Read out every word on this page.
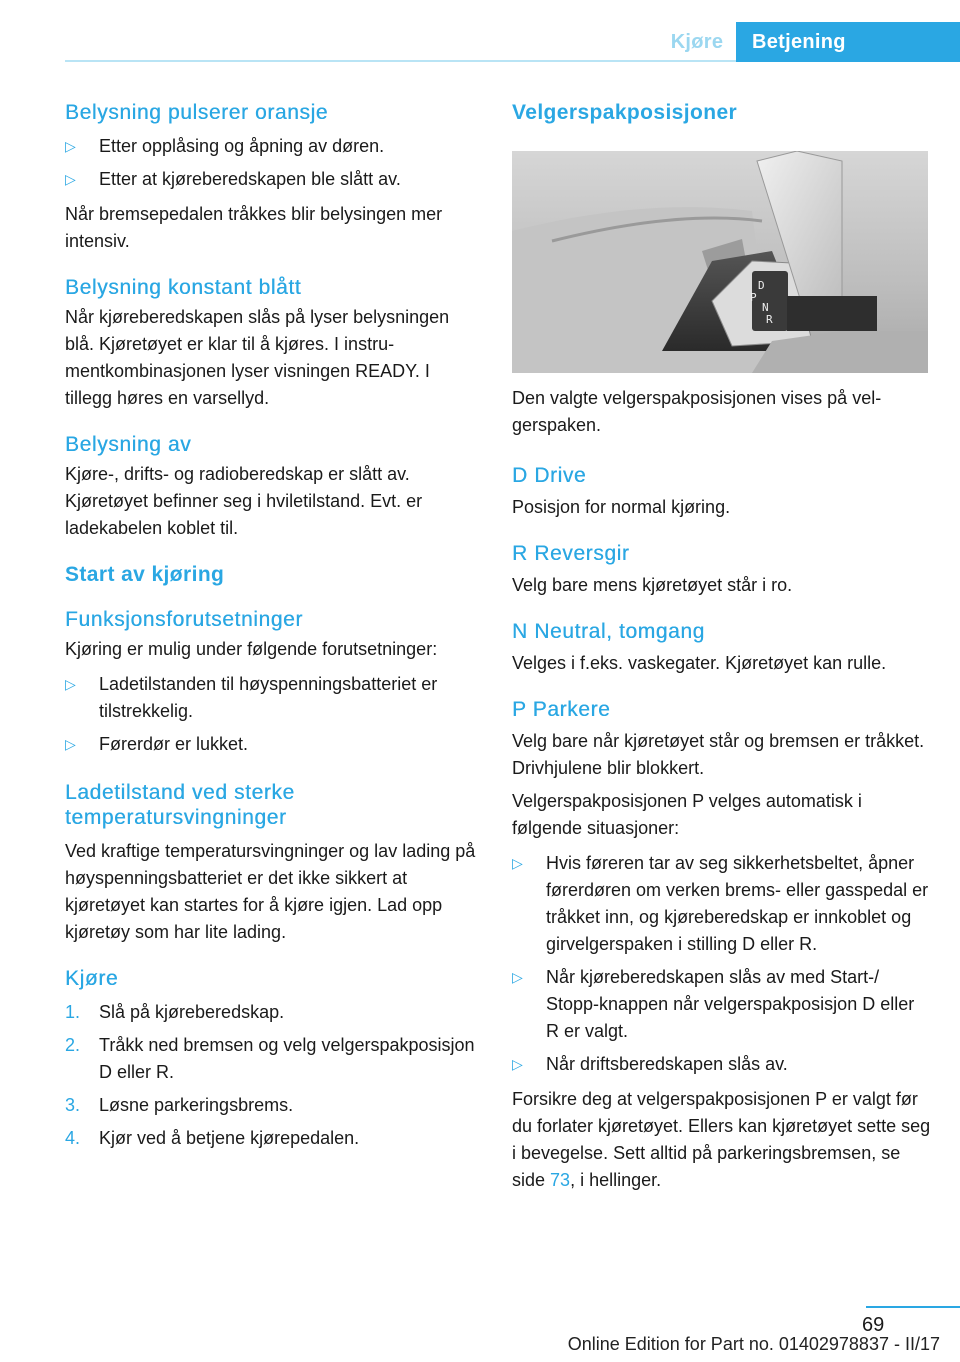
Kjøre	Betjening
Belysning pulserer oransje
▷ Etter opplåsing og åpning av døren.
▷ Etter at kjøreberedskapen ble slått av.

Når bremsepedalen tråkkes blir belysingen mer intensiv.

Belysning konstant blått

Når kjøreberedskapen slås på lyser belysningen blå. Kjøretøyet er klar til å kjøres. I instrumentkombinasjonen lyser visningen READY. I tillegg høres en varsellyd.

Belysning av

Kjøre-, drifts- og radioberedskap er slått av. Kjøretøyet befinner seg i hviletilstand. Evt. er ladekabelen koblet til.

Start av kjøring
Funksjonsforutsetninger

Kjøring er mulig under følgende forutsetninger:

▷ Ladetilstanden til høyspenningsbatteriet er tilstrekkelig.
▷ Førerdør er lukket.
Ladetilstand ved sterke
temperatursvingninger

Ved kraftige temperatursvingninger og lav lading på høyspenningsbatteriet er det ikke sikkert at kjøretøyet kan startes for å kjøre igjen. Lad opp kjøretøy som har lite lading.

Kjøre
1. Slå på kjøreberedskap.
2. Tråkk ned bremsen og velg velgerspakposisjon D eller R.
3. Løsne parkeringsbrems.
4. Kjør ved å betjene kjørepedalen.
Velgerspakposisjoner
D
P
N
R

Den valgte velgerspakposisjonen vises på velgerspaken.

D Drive

Posisjon for normal kjøring.

R Reversgir

Velg bare mens kjøretøyet står i ro.

N Neutral, tomgang

Velges i f.eks. vaskegater. Kjøretøyet kan rulle.

P Parkere

Velg bare når kjøretøyet står og bremsen er tråkket. Drivhjulene blir blokkert.

Velgerspakposisjonen P velges automatisk i følgende situasjoner:

▷ Hvis føreren tar av seg sikkerhetsbeltet, åpner førerdøren om verken brems- eller gasspedal er tråkket inn, og kjøreberedskap er innkoblet og girvelgerspaken i stilling D eller R.
▷ Når kjøreberedskapen slås av med Start-/ Stopp-knappen når velgerspakposisjon D eller R er valgt.
▷ Når driftsberedskapen slås av.

Forsikre deg at velgerspakposisjonen P er valgt før du forlater kjøretøyet. Ellers kan kjøretøyet sette seg i bevegelse. Sett alltid på parkeringsbremsen, se side 73, i hellinger.

69
Online Edition for Part no. 01402978837 - II/17
